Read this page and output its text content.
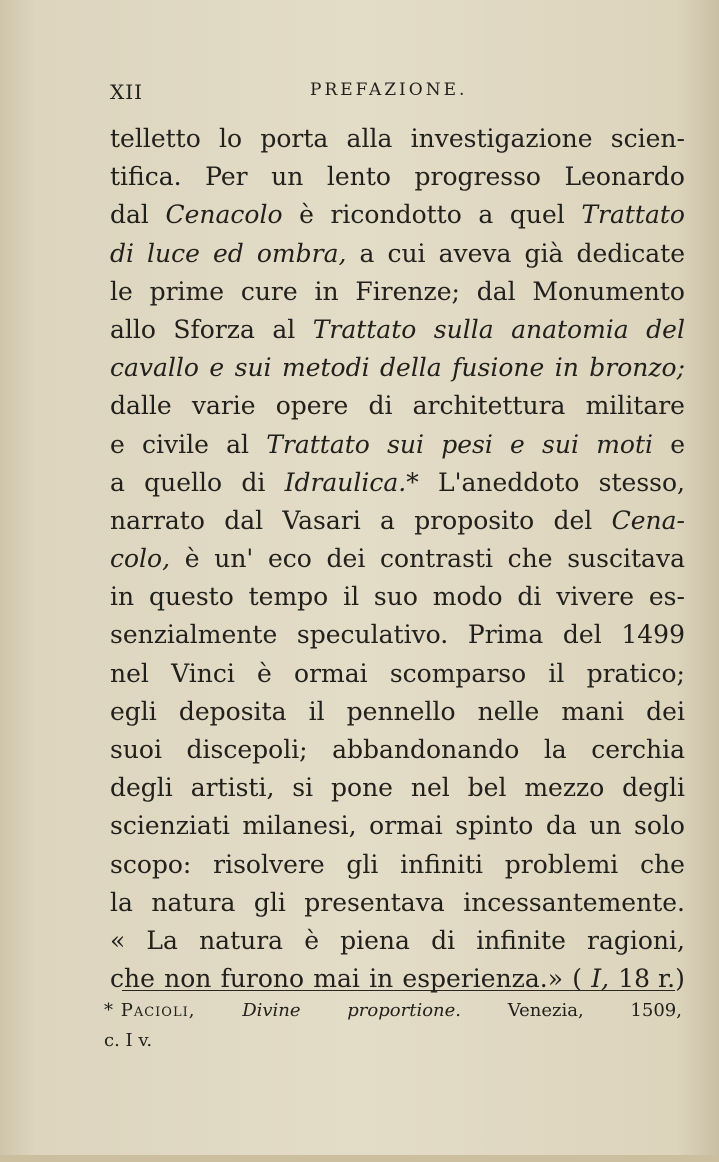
XII	PREFAZIONE.
telletto lo porta alla investigazione scien-
tifica. Per un lento progresso Leonardo
dal Cenacolo è ricondotto a quel Trattato
di luce ed ombra, a cui aveva già dedicate
le prime cure in Firenze; dal Monumento
allo Sforza al Trattato sulla anatomia del
cavallo e sui metodi della fusione in bronzo;
dalle varie opere di architettura militare
e civile al Trattato sui pesi e sui moti e
a quello di Idraulica.* L'aneddoto stesso,
narrato dal Vasari a proposito del Cena-
colo, è un' eco dei contrasti che suscitava
in questo tempo il suo modo di vivere es-
senzialmente speculativo. Prima del 1499
nel Vinci è ormai scomparso il pratico;
egli deposita il pennello nelle mani dei
suoi discepoli; abbandonando la cerchia
degli artisti, si pone nel bel mezzo degli
scienziati milanesi, ormai spinto da un solo
scopo: risolvere gli infiniti problemi che
la natura gli presentava incessantemente.
« La natura è piena di infinite ragioni,
che non furono mai in esperienza.» ( I, 18 r.)
* Pacioli,	Divine	proportione.	Venezia,	1509,
c. I v.
